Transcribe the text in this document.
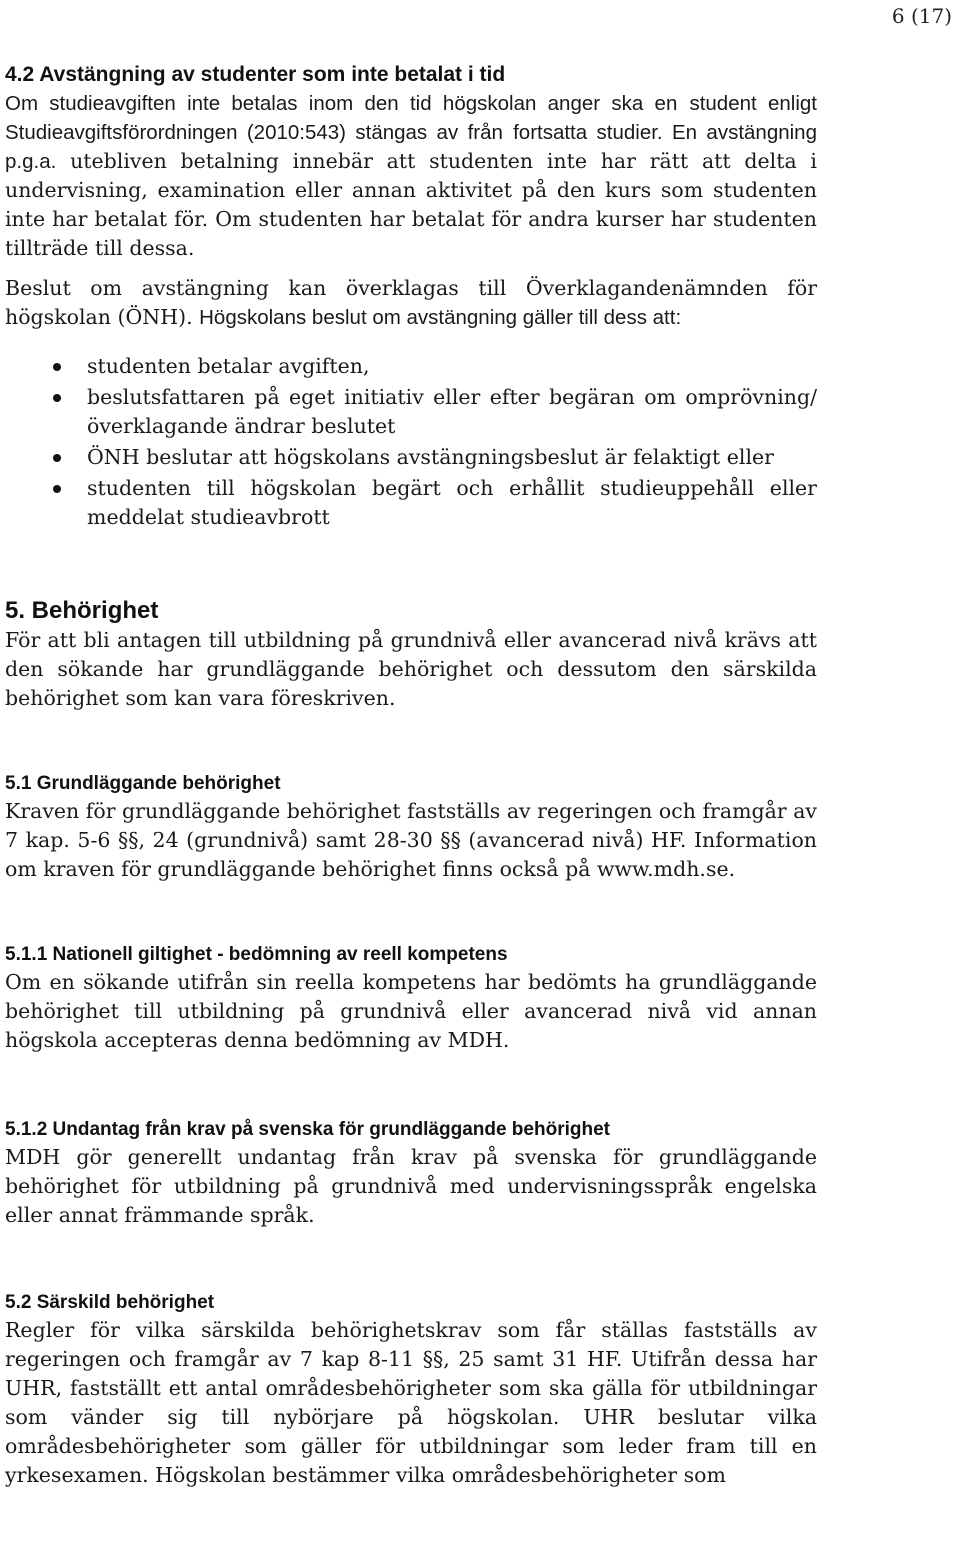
6 (17)
4.2 Avstängning av studenter som inte betalat i tid

Om studieavgiften inte betalas inom den tid högskolan anger ska en student enligt Studieavgiftsförordningen (2010:543) stängas av från fortsatta studier. En avstängning p.g.a. utebliven betalning innebär att studenten inte har rätt att delta i undervisning, examination eller annan aktivitet på den kurs som studenten inte har betalat för. Om studenten har betalat för andra kurser har studenten tillträde till dessa.

Beslut om avstängning kan överklagas till Överklagandenämnden för högskolan (ÖNH). Högskolans beslut om avstängning gäller till dess att:

studenten betalar avgiften,
beslutsfattaren på eget initiativ eller efter begäran om omprövning/överklagande ändrar beslutet
ÖNH beslutar att högskolans avstängningsbeslut är felaktigt eller
studenten till högskolan begärt och erhållit studieuppehåll eller meddelat studieavbrott
5. Behörighet

För att bli antagen till utbildning på grundnivå eller avancerad nivå krävs att den sökande har grundläggande behörighet och dessutom den särskilda behörighet som kan vara föreskriven.

5.1 Grundläggande behörighet

Kraven för grundläggande behörighet fastställs av regeringen och framgår av 7 kap. 5-6 §§, 24 (grundnivå) samt 28-30 §§ (avancerad nivå) HF. Information om kraven för grundläggande behörighet finns också på www.mdh.se.

5.1.1 Nationell giltighet - bedömning av reell kompetens

Om en sökande utifrån sin reella kompetens har bedömts ha grundläggande behörighet till utbildning på grundnivå eller avancerad nivå vid annan högskola accepteras denna bedömning av MDH.

5.1.2 Undantag från krav på svenska för grundläggande behörighet

MDH gör generellt undantag från krav på svenska för grundläggande behörighet för utbildning på grundnivå med undervisningsspråk engelska eller annat främmande språk.

5.2 Särskild behörighet

Regler för vilka särskilda behörighetskrav som får ställas fastställs av regeringen och framgår av 7 kap 8-11 §§, 25 samt 31 HF. Utifrån dessa har UHR, fastställt ett antal områdesbehörigheter som ska gälla för utbildningar som vänder sig till nybörjare på högskolan. UHR beslutar vilka områdesbehörigheter som gäller för utbildningar som leder fram till en yrkesexamen. Högskolan bestämmer vilka områdesbehörigheter som
